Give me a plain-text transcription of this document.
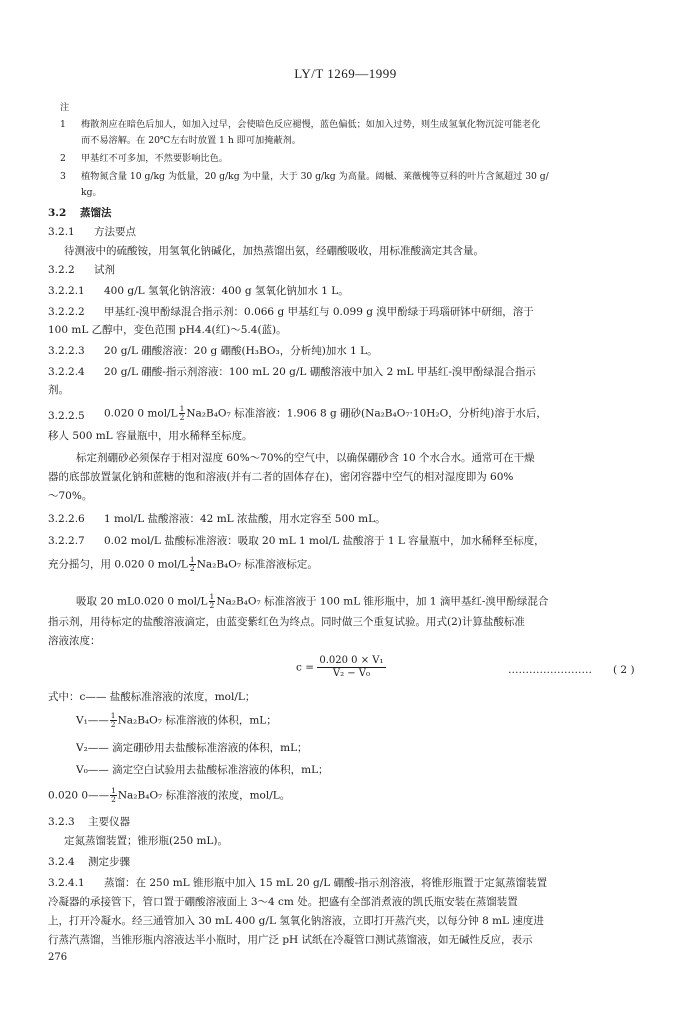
LY/T 1269—1999
注
1 梅散剂应在暗色后加人，如加入过早，会使暗色反应褪慢，蓝色偏低；如加入过势，则生成氢氧化物沉淀可能老化
而不易溶解。在 20℃左右时放置 1 h 即可加掩蔽剂。
2 甲基红不可多加，不然要影响比色。
3 植物氮含量 10 g/kg 为低量，20 g/kg 为中量，大于 30 g/kg 为高量。阔槭、莱薇槐等豆科的叶片含氮超过 30 g/
kg。
3.2 蒸馏法
3.2.1 方法要点
待测液中的硫酸铵，用氢氧化钠碱化，加热蒸馏出氨，经硼酸吸收，用标准酸滴定其含量。
3.2.2 试剂
3.2.2.1 400 g/L 氢氧化钠溶液：400 g 氢氧化钠加水 1 L。
3.2.2.2 甲基红-溴甲酚绿混合指示剂：0.066 g 甲基红与 0.099 g 溴甲酚绿于玛瑙研钵中研细，溶于
100 mL 乙醇中，变色范围 pH4.4(红)～5.4(蓝)。
3.2.2.3 20 g/L 硼酸溶液：20 g 硼酸(H₃BO₃，分析纯)加水 1 L。
3.2.2.4 20 g/L 硼酸-指示剂溶液：100 mL 20 g/L 硼酸溶液中加入 2 mL 甲基红-溴甲酚绿混合指示
剂。
3.2.2.5 0.020 0 $mol/L \frac{1}{2} Na_2B_4O_7$ 标准溶液：1.906 8 g 硼砂(Na₂B₄O₇·10H₂O，分析纯)溶于水后，
移人 500 mL 容量瓶中，用水稀释至标度。
标定剂硼砂必须保存于相对湿度 60%～70%的空气中，以确保硼砂含 10 个水合水。通常可在干燥
器的底部放置氯化钠和蔗糖的饱和溶液(并有二者的固体存在)，密闭容器中空气的相对湿度即为 60%
～70%。
3.2.2.6 1 mol/L 盐酸溶液：42 mL 浓盐酸，用水定容至 500 mL。
3.2.2.7 0.02 mol/L 盐酸标准溶液：吸取 20 mL 1 mol/L 盐酸溶于 1 L 容量瓶中，加水稀释至标度，
充分摇匀，用 0.020 0 $mol/L \frac{1}{2} Na_2B_4O_7$ 标准溶液标定。
吸取 20 mL0.020 0 $mol/L \frac{1}{2} Na_2B_4O_7$ 标准溶液于 100 mL 锥形瓶中，加 1 滴甲基红-溴甲酚绿混合
指示剂，用待标定的盐酸溶液滴定，由蓝变紫红色为终点。同时做三个重复试验。用式(2)计算盐酸标准
溶液浓度：
$c = \frac{\text{0.020 0 × V₁}}{\text{V₂ − V₀}}$	…………………… ( 2 )
式中：c—— 盐酸标准溶液的浓度，mol/L；
V₁—— $\frac{1}{2} Na_2B_4O_7$ 标准溶液的体积，mL；
V₂—— 滴定硼砂用去盐酸标准溶液的体积，mL；
V₀—— 滴定空白试验用去盐酸标准溶液的体积，mL；
0.020 0—— $\frac{1}{2} Na_2B_4O_7$ 标准溶液的浓度，mol/L。
3.2.3 主要仪器
定氮蒸馏装置；锥形瓶(250 mL)。
3.2.4 测定步骤
3.2.4.1 蒸馏：在 250 mL 锥形瓶中加入 15 mL 20 g/L 硼酸-指示剂溶液，将锥形瓶置于定氮蒸馏装置
冷凝器的承接管下，管口置于硼酸溶液面上 3～4 cm 处。把盛有全部消煮液的凯氏瓶安装在蒸馏装置
上，打开冷凝水。经三通管加入 30 mL 400 g/L 氢氧化钠溶液，立即打开蒸汽夹，以每分钟 8 mL 速度进
行蒸汽蒸馏，当锥形瓶内溶液达半小瓶时，用广泛 pH 试纸在冷凝管口测试蒸馏液，如无碱性反应，表示
276
